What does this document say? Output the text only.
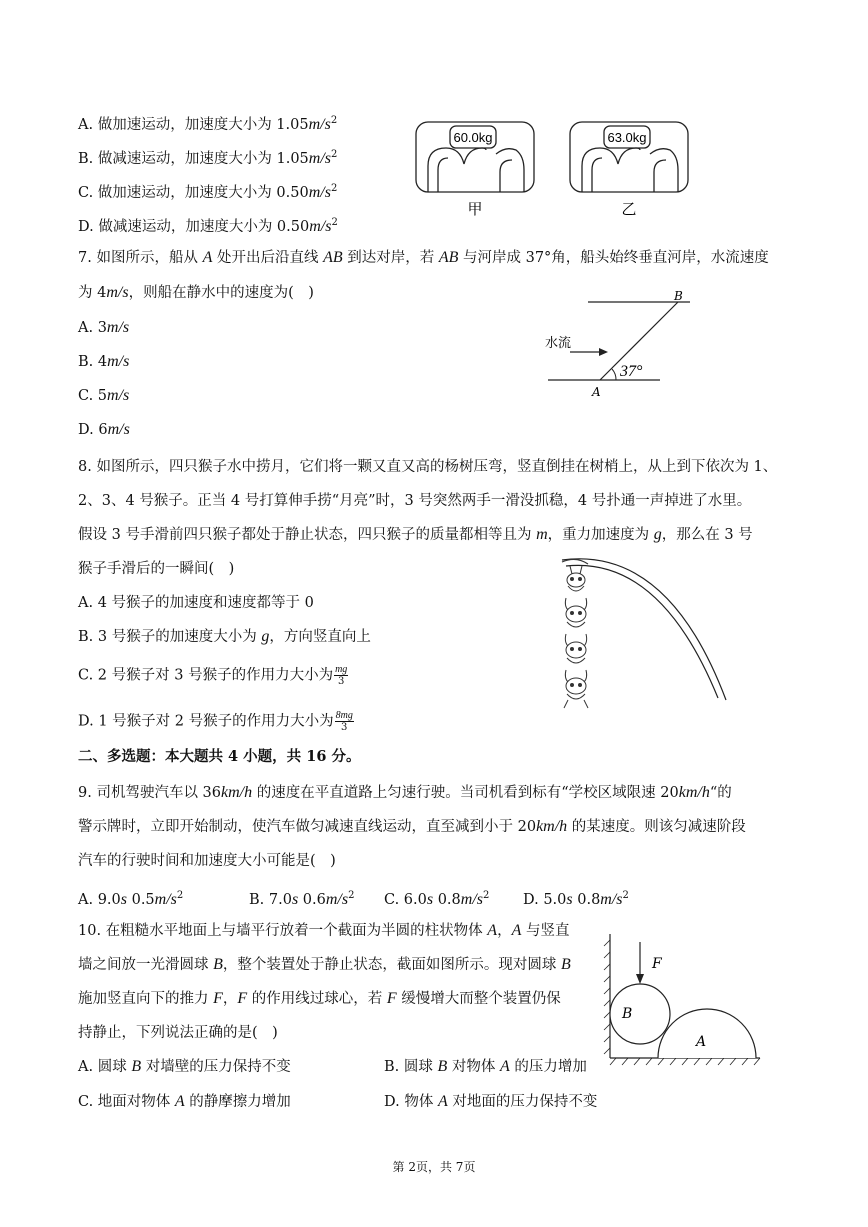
A. 做加速运动，加速度大小为 $1.05m/s^2$
B. 做减速运动，加速度大小为 $1.05m/s^2$
C. 做加速运动，加速度大小为 $0.50m/s^2$
D. 做减速运动，加速度大小为 $0.50m/s^2$
60.0kg
甲
63.0kg
乙
7. 如图所示，船从 A 处开出后沿直线 AB 到达对岸，若 AB 与河岸成 37°角，船头始终垂直河岸，水流速度
为 4m/s，则船在静水中的速度为(　)
A. 3m/s
B. 4m/s
C. 5m/s
D. 6m/s
水流
37°
B
A
8. 如图所示，四只猴子水中捞月，它们将一颗又直又高的杨树压弯，竖直倒挂在树梢上，从上到下依次为 1、
2、3、4 号猴子。正当 4 号打算伸手捞“月亮”时，3 号突然两手一滑没抓稳，4 号扑通一声掉进了水里。
假设 3 号手滑前四只猴子都处于静止状态，四只猴子的质量都相等且为 m，重力加速度为 g，那么在 3 号
猴子手滑后的一瞬间(　)
A. 4 号猴子的加速度和速度都等于 0
B. 3 号猴子的加速度大小为 g，方向竖直向上
C. 2 号猴子对 3 号猴子的作用力大小为 $\frac{mg}{3}$
D. 1 号猴子对 2 号猴子的作用力大小为 $\frac{8mg}{3}$
二、多选题：本大题共 4 小题，共 16 分。
9. 司机驾驶汽车以 36km/h 的速度在平直道路上匀速行驶。当司机看到标有“学校区域限速 20km/h“的
警示牌时，立即开始制动，使汽车做匀减速直线运动，直至减到小于 20km/h 的某速度。则该匀减速阶段
汽车的行驶时间和加速度大小可能是(　)
A. 9.0s $0.5m/s^2$	B. 7.0s $0.6m/s^2$ C. 6.0s $0.8m/s^2$ D. 5.0s $0.8m/s^2$
10. 在粗糙水平地面上与墙平行放着一个截面为半圆的柱状物体 A，A 与竖直
墙之间放一光滑圆球 B，整个装置处于静止状态，截面如图所示。现对圆球 B
施加竖直向下的推力 F，F 的作用线过球心，若 F 缓慢增大而整个装置仍保
持静止，下列说法正确的是(　)
A. 圆球 B 对墙壁的压力保持不变	B. 圆球 B 对物体 A 的压力增加
C. 地面对物体 A 的静摩擦力增加	D. 物体 A 对地面的压力保持不变
F
B
A
第 2页，共 7页
